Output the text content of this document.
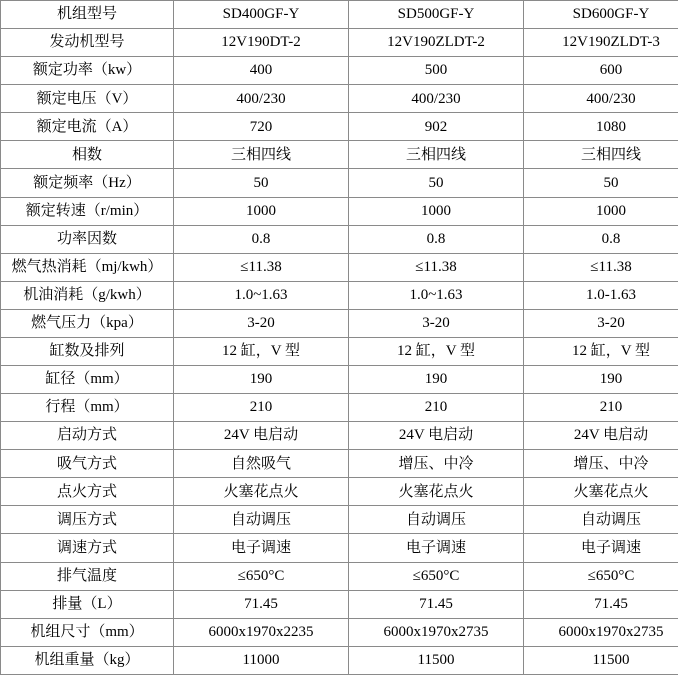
机组型号	SD400GF-Y	SD500GF-Y	SD600GF-Y
发动机型号	12V190DT-2	12V190ZLDT-2	12V190ZLDT-3
额定功率（kw）	400	500	600
额定电压（V）	400/230	400/230	400/230
额定电流（A）	720	902	1080
相数	三相四线	三相四线	三相四线
额定频率（Hz）	50	50	50
额定转速（r/min）	1000	1000	1000
功率因数	0.8	0.8	0.8
燃气热消耗（mj/kwh）	≤11.38	≤11.38	≤11.38
机油消耗（g/kwh）	1.0~1.63	1.0~1.63	1.0-1.63
燃气压力（kpa）	3-20	3-20	3-20
缸数及排列	12 缸，V 型	12 缸，V 型	12 缸，V 型
缸径（mm）	190	190	190
行程（mm）	210	210	210
启动方式	24V 电启动	24V 电启动	24V 电启动
吸气方式	自然吸气	增压、中冷	增压、中冷
点火方式	火塞花点火	火塞花点火	火塞花点火
调压方式	自动调压	自动调压	自动调压
调速方式	电子调速	电子调速	电子调速
排气温度	≤650°C	≤650°C	≤650°C
排量（L）	71.45	71.45	71.45
机组尺寸（mm）	6000x1970x2235	6000x1970x2735	6000x1970x2735
机组重量（kg）	11000	11500	11500
